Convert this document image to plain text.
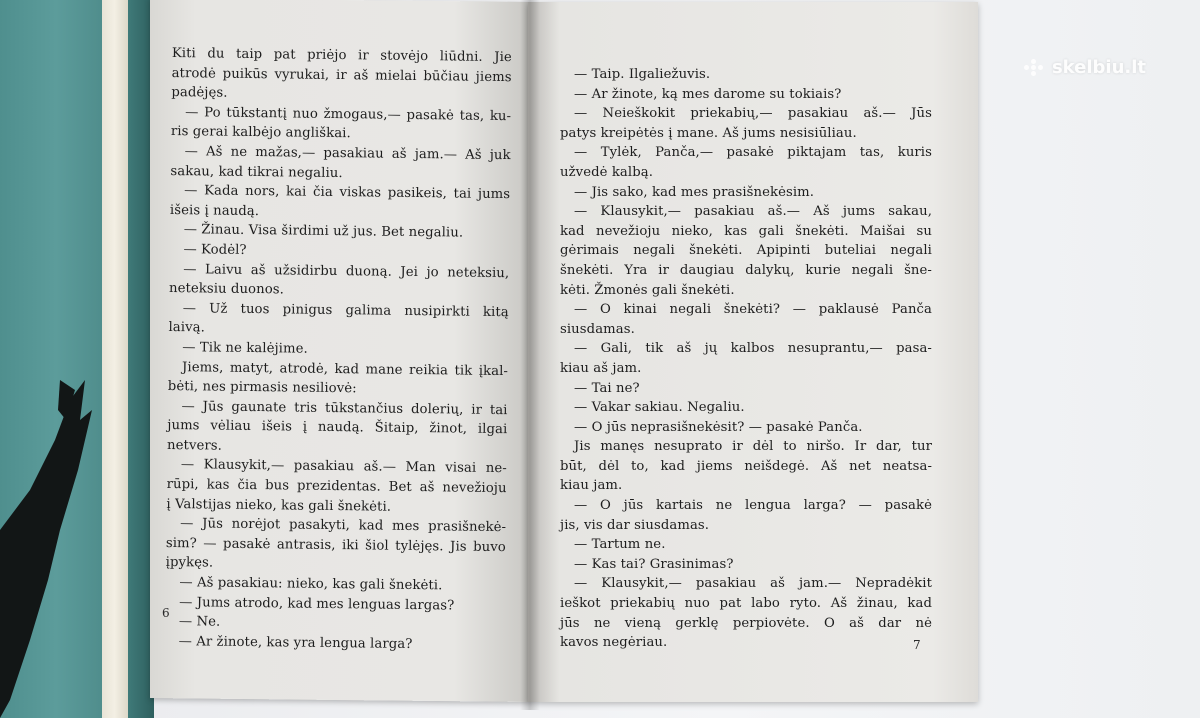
Kiti du taip pat priėjo ir stovėjo liūdni. Jie
atrodė puikūs vyrukai, ir aš mielai būčiau jiems
padėjęs.
— Po tūkstantį nuo žmogaus,— pasakė tas, ku-
ris gerai kalbėjo angliškai.
— Aš ne mažas,— pasakiau aš jam.— Aš juk
sakau, kad tikrai negaliu.
— Kada nors, kai čia viskas pasikeis, tai jums
išeis į naudą.
— Žinau. Visa širdimi už jus. Bet negaliu.
— Kodėl?
— Laivu aš užsidirbu duoną. Jei jo neteksiu,
neteksiu duonos.
— Už tuos pinigus galima nusipirkti kitą
laivą.
— Tik ne kalėjime.
Jiems, matyt, atrodė, kad mane reikia tik įkal-
bėti, nes pirmasis nesiliovė:
— Jūs gaunate tris tūkstančius dolerių, ir tai
jums vėliau išeis į naudą. Šitaip, žinot, ilgai
netvers.
— Klausykit,— pasakiau aš.— Man visai ne-
rūpi, kas čia bus prezidentas. Bet aš nevežioju
į Valstijas nieko, kas gali šnekėti.
— Jūs norėjot pasakyti, kad mes prasišnekė-
sim? — pasakė antrasis, iki šiol tylėjęs. Jis buvo
įpykęs.
— Aš pasakiau: nieko, kas gali šnekėti.
— Jums atrodo, kad mes lenguas largas?
— Ne.
— Ar žinote, kas yra lengua larga?
— Taip. Ilgaliežuvis.
— Ar žinote, ką mes darome su tokiais?
— Neieškokit priekabių,— pasakiau aš.— Jūs
patys kreipėtės į mane. Aš jums nesisiūliau.
— Tylėk, Panča,— pasakė piktajam tas, kuris
užvedė kalbą.
— Jis sako, kad mes prasišnekėsim.
— Klausykit,— pasakiau aš.— Aš jums sakau,
kad nevežioju nieko, kas gali šnekėti. Maišai su
gėrimais negali šnekėti. Apipinti buteliai negali
šnekėti. Yra ir daugiau dalykų, kurie negali šne-
kėti. Žmonės gali šnekėti.
— O kinai negali šnekėti? — paklausė Panča
siusdamas.
— Gali, tik aš jų kalbos nesuprantu,— pasa-
kiau aš jam.
— Tai ne?
— Vakar sakiau. Negaliu.
— O jūs neprasišnekėsit? — pasakė Panča.
Jis manęs nesuprato ir dėl to niršo. Ir dar, tur
būt, dėl to, kad jiems neišdegė. Aš net neatsa-
kiau jam.
— O jūs kartais ne lengua larga? — pasakė
jis, vis dar siusdamas.
— Tartum ne.
— Kas tai? Grasinimas?
— Klausykit,— pasakiau aš jam.— Nepradėkit
ieškot priekabių nuo pat labo ryto. Aš žinau, kad
jūs ne vieną gerklę perpiovėte. O aš dar nė
kavos negėriau.
6
7
skelbiu.lt
